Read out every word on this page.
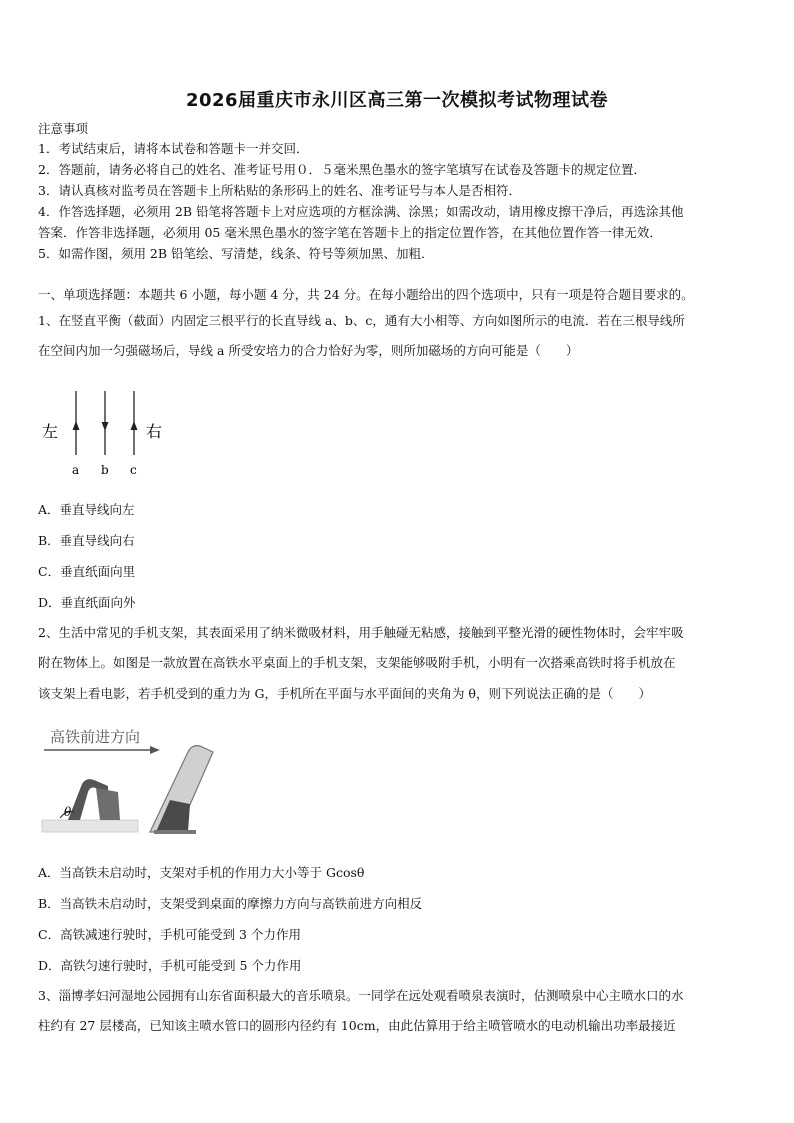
2026届重庆市永川区高三第一次模拟考试物理试卷
注意事项
1．考试结束后，请将本试卷和答题卡一并交回．
2．答题前，请务必将自己的姓名、准考证号用０．５毫米黑色墨水的签字笔填写在试卷及答题卡的规定位置．
3．请认真核对监考员在答题卡上所粘贴的条形码上的姓名、准考证号与本人是否相符．
4．作答选择题，必须用 2B 铅笔将答题卡上对应选项的方框涂满、涂黑；如需改动，请用橡皮擦干净后，再选涂其他
答案．作答非选择题，必须用 05 毫米黑色墨水的签字笔在答题卡上的指定位置作答，在其他位置作答一律无效．
5．如需作图，须用 2B 铅笔绘、写清楚，线条、符号等须加黑、加粗．
一、单项选择题：本题共 6 小题，每小题 4 分，共 24 分。在每小题给出的四个选项中，只有一项是符合题目要求的。
1、在竖直平衡（截面）内固定三根平行的长直导线 a、b、c，通有大小相等、方向如图所示的电流．若在三根导线所
在空间内加一匀强磁场后，导线 a 所受安培力的合力恰好为零，则所加磁场的方向可能是（　　）
左	右
a b c
A．垂直导线向左
B．垂直导线向右
C．垂直纸面向里
D．垂直纸面向外
2、生活中常见的手机支架，其表面采用了纳米微吸材料，用手触碰无粘感，接触到平整光滑的硬性物体时，会牢牢吸
附在物体上。如图是一款放置在高铁水平桌面上的手机支架，支架能够吸附手机，小明有一次搭乘高铁时将手机放在
该支架上看电影，若手机受到的重力为 G，手机所在平面与水平面间的夹角为 θ，则下列说法正确的是（　　）
高铁前进方向
θ
A．当高铁未启动时，支架对手机的作用力大小等于 Gcosθ
B．当高铁未启动时，支架受到桌面的摩擦力方向与高铁前进方向相反
C．高铁减速行驶时，手机可能受到 3 个力作用
D．高铁匀速行驶时，手机可能受到 5 个力作用
3、淄博孝妇河湿地公园拥有山东省面积最大的音乐喷泉。一同学在远处观看喷泉表演时，估测喷泉中心主喷水口的水
柱约有 27 层楼高，已知该主喷水管口的圆形内径约有 10cm，由此估算用于给主喷管喷水的电动机输出功率最接近
